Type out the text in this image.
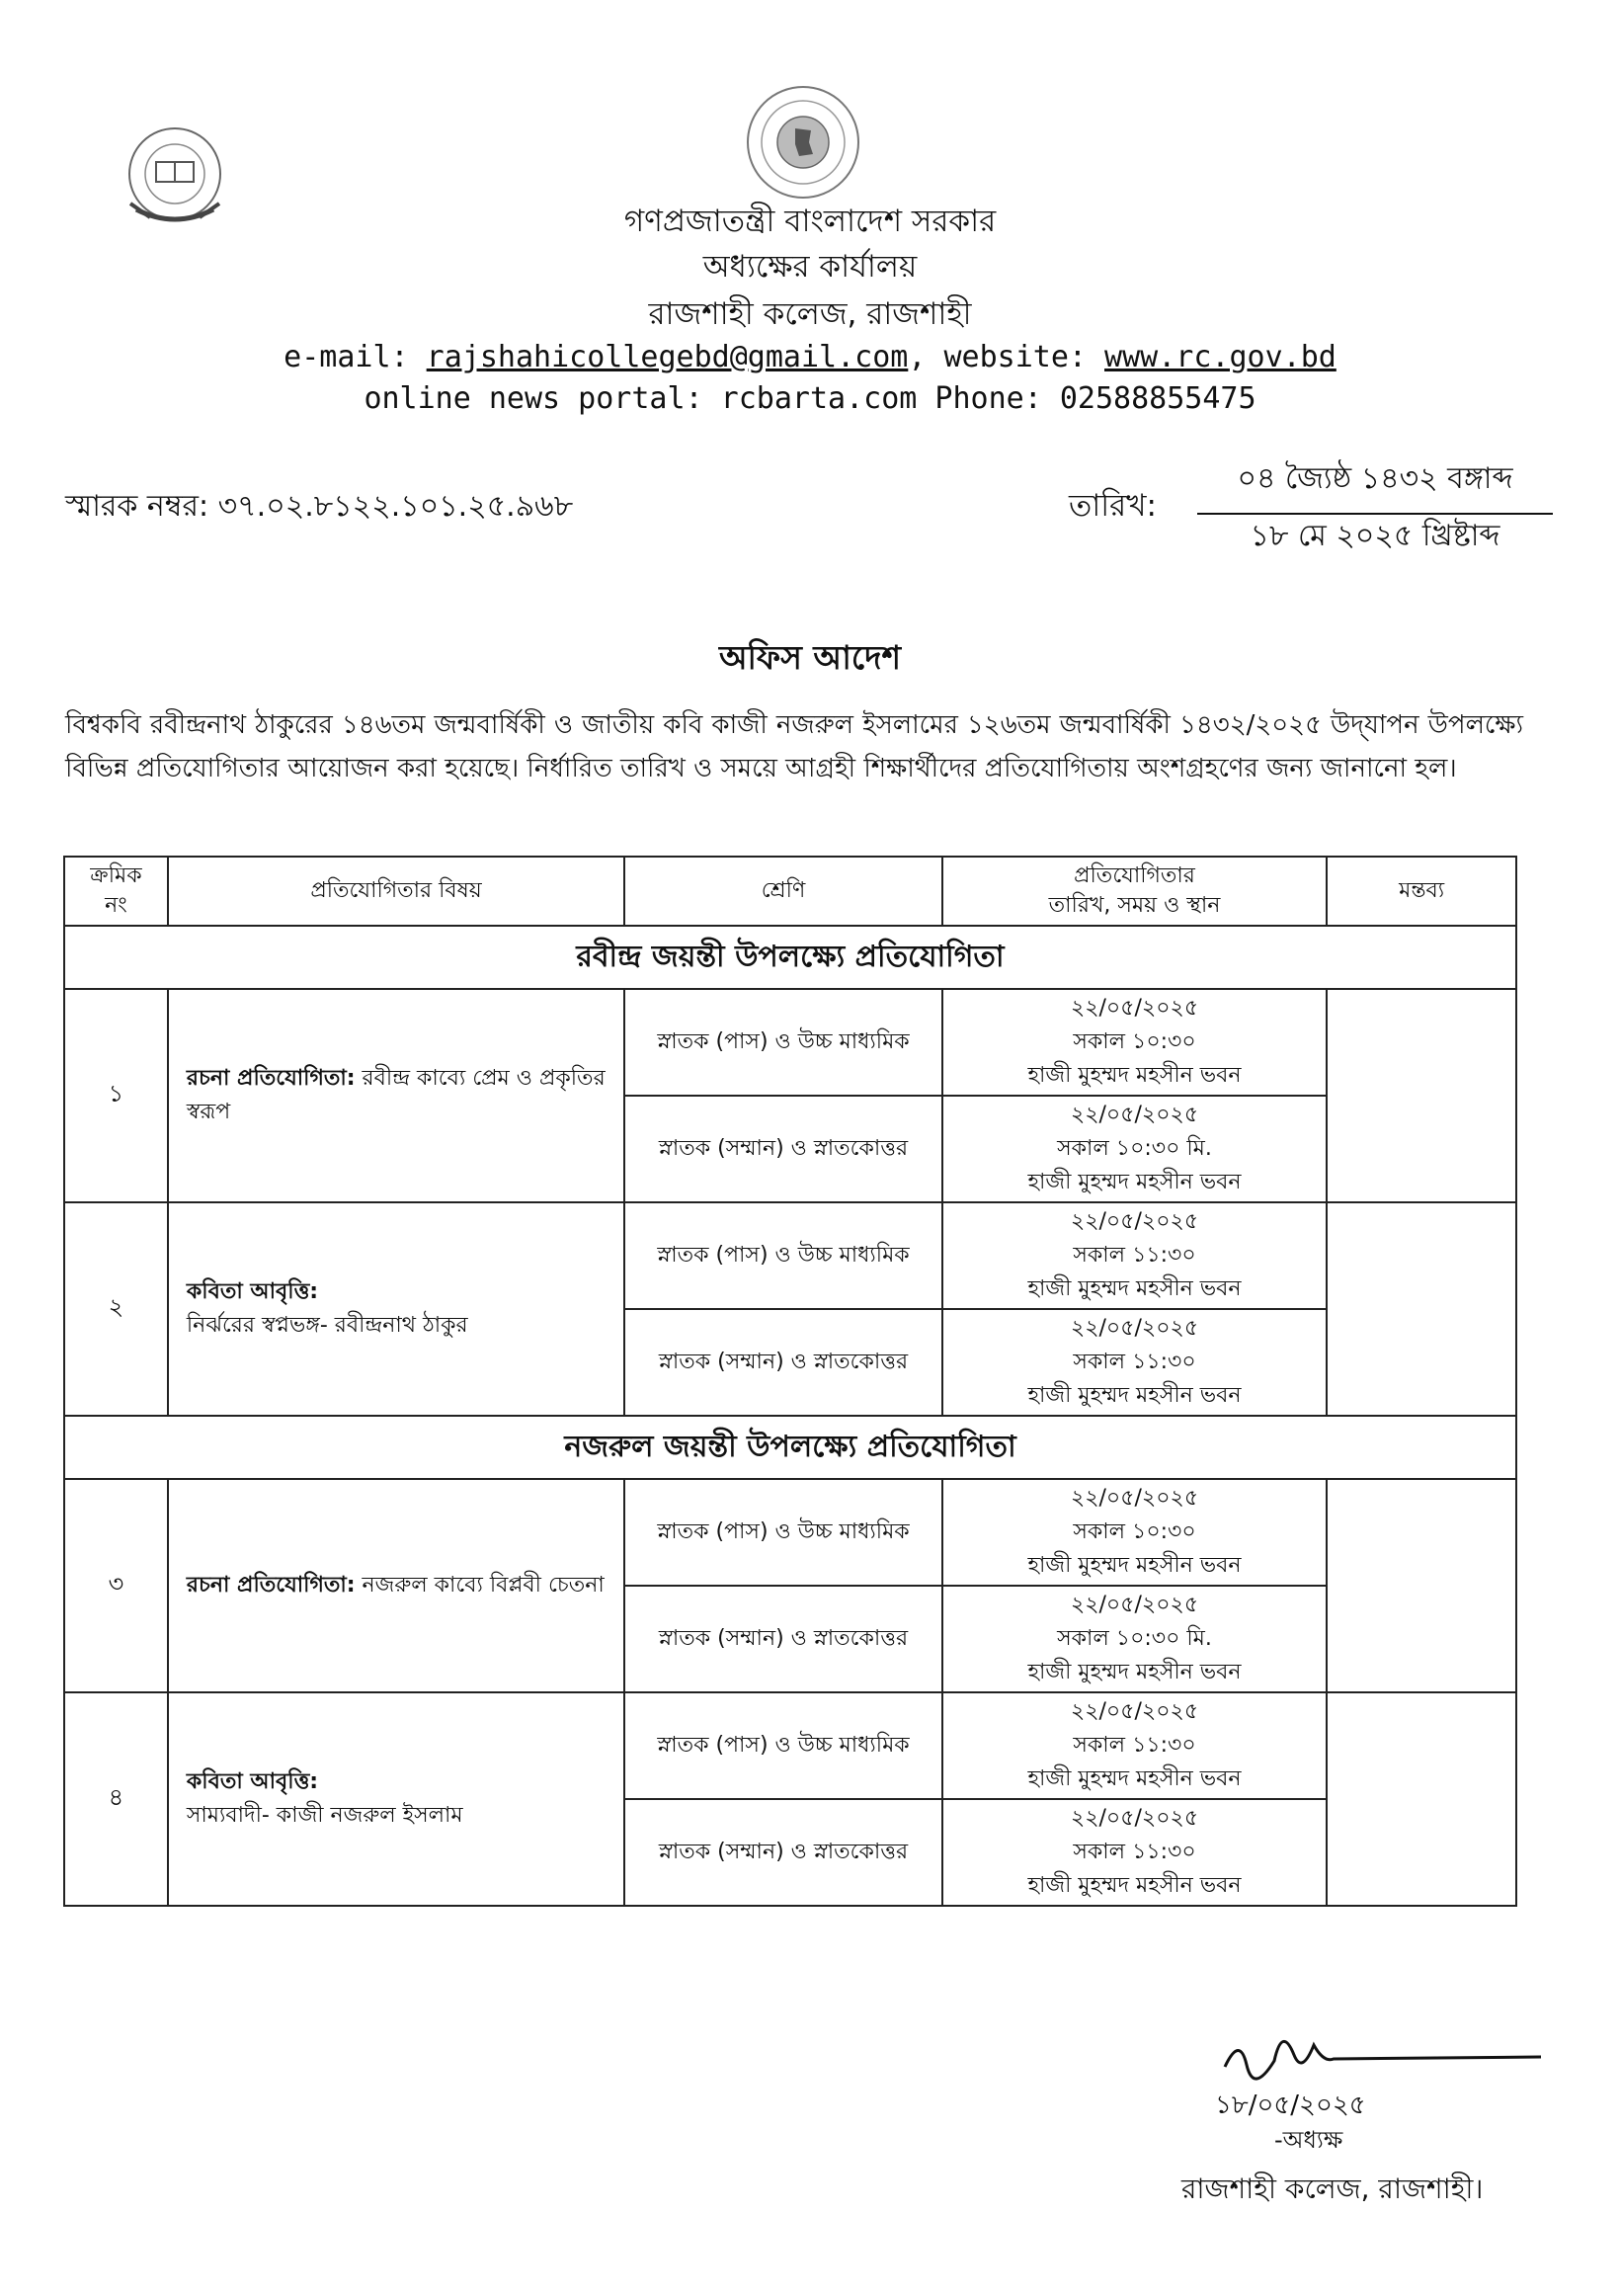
গণপ্রজাতন্ত্রী বাংলাদেশ সরকার
অধ্যক্ষের কার্যালয়
রাজশাহী কলেজ, রাজশাহী
e-mail: rajshahicollegebd@gmail.com, website: www.rc.gov.bd
online news portal: rcbarta.com Phone: 02588855475
স্মারক নম্বর: ৩৭.০২.৮১২২.১০১.২৫.৯৬৮	তারিখ:
০৪ জ্যৈষ্ঠ ১৪৩২ বঙ্গাব্দ
১৮ মে ২০২৫ খ্রিষ্টাব্দ
অফিস আদেশ
বিশ্বকবি রবীন্দ্রনাথ ঠাকুরের ১৪৬তম জন্মবার্ষিকী ও জাতীয় কবি কাজী নজরুল ইসলামের ১২৬তম জন্মবার্ষিকী ১৪৩২/২০২৫ উদ্‌যাপন উপলক্ষ্যে বিভিন্ন প্রতিযোগিতার আয়োজন করা হয়েছে। নির্ধারিত তারিখ ও সময়ে আগ্রহী শিক্ষার্থীদের প্রতিযোগিতায় অংশগ্রহণের জন্য জানানো হল।
ক্রমিক
নং	প্রতিযোগিতার বিষয়	শ্রেণি	প্রতিযোগিতার
তারিখ, সময় ও স্থান	মন্তব্য
রবীন্দ্র জয়ন্তী উপলক্ষ্যে প্রতিযোগিতা				
১	রচনা প্রতিযোগিতা: রবীন্দ্র কাব্যে প্রেম ও প্রকৃতির স্বরূপ	স্নাতক (পাস) ও উচ্চ মাধ্যমিক	২২/০৫/২০২৫
সকাল ১০:৩০
হাজী মুহম্মদ মহসীন ভবন	
		স্নাতক (সম্মান) ও স্নাতকোত্তর	২২/০৫/২০২৫
সকাল ১০:৩০ মি.
হাজী মুহম্মদ মহসীন ভবন	
২	কবিতা আবৃত্তি:
নির্ঝরের স্বপ্নভঙ্গ- রবীন্দ্রনাথ ঠাকুর	স্নাতক (পাস) ও উচ্চ মাধ্যমিক	২২/০৫/২০২৫
সকাল ১১:৩০
হাজী মুহম্মদ মহসীন ভবন	
		স্নাতক (সম্মান) ও স্নাতকোত্তর	২২/০৫/২০২৫
সকাল ১১:৩০
হাজী মুহম্মদ মহসীন ভবন	
নজরুল জয়ন্তী উপলক্ষ্যে প্রতিযোগিতা				
৩	রচনা প্রতিযোগিতা: নজরুল কাব্যে বিপ্লবী চেতনা	স্নাতক (পাস) ও উচ্চ মাধ্যমিক	২২/০৫/২০২৫
সকাল ১০:৩০
হাজী মুহম্মদ মহসীন ভবন	
		স্নাতক (সম্মান) ও স্নাতকোত্তর	২২/০৫/২০২৫
সকাল ১০:৩০ মি.
হাজী মুহম্মদ মহসীন ভবন	
৪	কবিতা আবৃত্তি:
সাম্যবাদী- কাজী নজরুল ইসলাম	স্নাতক (পাস) ও উচ্চ মাধ্যমিক	২২/০৫/২০২৫
সকাল ১১:৩০
হাজী মুহম্মদ মহসীন ভবন	
		স্নাতক (সম্মান) ও স্নাতকোত্তর	২২/০৫/২০২৫
সকাল ১১:৩০
হাজী মুহম্মদ মহসীন ভবন	
১৮/০৫/২০২৫
-অধ্যক্ষ
রাজশাহী কলেজ, রাজশাহী।
